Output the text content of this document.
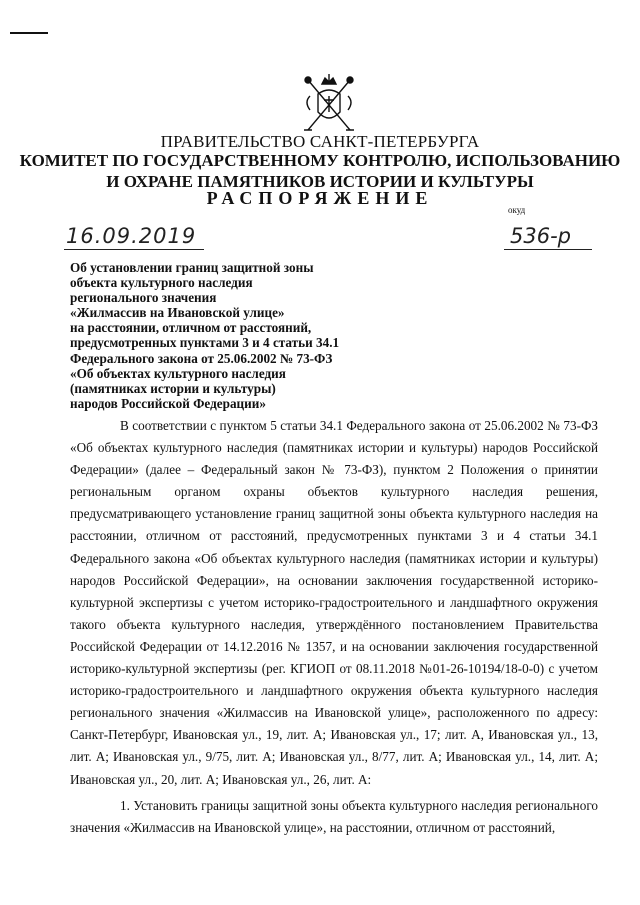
ПРАВИТЕЛЬСТВО САНКТ-ПЕТЕРБУРГА
КОМИТЕТ ПО ГОСУДАРСТВЕННОМУ КОНТРОЛЮ, ИСПОЛЬЗОВАНИЮ
И ОХРАНЕ ПАМЯТНИКОВ ИСТОРИИ И КУЛЬТУРЫ
РАСПОРЯЖЕНИЕ
окуд
16.09.2019	536-р
Об установлении границ защитной зоны
объекта культурного наследия
регионального значения
«Жилмассив на Ивановской улице»
на расстоянии, отличном от расстояний,
предусмотренных пунктами 3 и 4 статьи 34.1
Федерального закона от 25.06.2002 № 73-ФЗ
«Об объектах культурного наследия
(памятниках истории и культуры)
народов Российской Федерации»

В соответствии с пунктом 5 статьи 34.1 Федерального закона от 25.06.2002 № 73-ФЗ «Об объектах культурного наследия (памятниках истории и культуры) народов Российской Федерации» (далее – Федеральный закон № 73-ФЗ), пунктом 2 Положения о принятии региональным органом охраны объектов культурного наследия решения, предусматривающего установление границ защитной зоны объекта культурного наследия на расстоянии, отличном от расстояний, предусмотренных пунктами 3 и 4 статьи 34.1 Федерального закона «Об объектах культурного наследия (памятниках истории и культуры) народов Российской Федерации», на основании заключения государственной историко-культурной экспертизы с учетом историко-градостроительного и ландшафтного окружения такого объекта культурного наследия, утверждённого постановлением Правительства Российской Федерации от 14.12.2016 № 1357, и на основании заключения государственной историко-культурной экспертизы (рег. КГИОП от 08.11.2018 №01-26-10194/18-0-0) с учетом историко-градостроительного и ландшафтного окружения объекта культурного наследия регионального значения «Жилмассив на Ивановской улице», расположенного по адресу: Санкт-Петербург, Ивановская ул., 19, лит. А; Ивановская ул., 17; лит. А, Ивановская ул., 13, лит. А; Ивановская ул., 9/75, лит. А; Ивановская ул., 8/77, лит. А; Ивановская ул., 14, лит. А; Ивановская ул., 20, лит. А; Ивановская ул., 26, лит. А:

1. Установить границы защитной зоны объекта культурного наследия регионального значения «Жилмассив на Ивановской улице», на расстоянии, отличном от расстояний,
